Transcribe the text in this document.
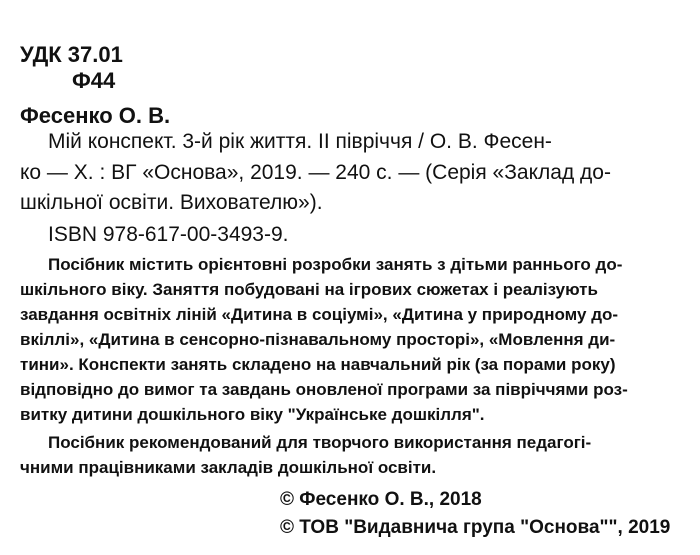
УДК 37.01
Ф44
Фесенко О. В.
Мій конспект. 3-й рік життя. ІІ півріччя / О. В. Фесен-
ко — Х. : ВГ «Основа», 2019. — 240 с. — (Серія «Заклад до-
шкільної освіти. Вихователю»).
ISBN 978-617-00-3493-9.
Посібник містить орієнтовні розробки занять з дітьми раннього до-
шкільного віку. Заняття побудовані на ігрових сюжетах і реалізують
завдання освітніх ліній «Дитина в соціумі», «Дитина у природному до-
вкіллі», «Дитина в сенсорно-пізнавальному просторі», «Мовлення ди-
тини». Конспекти занять складено на навчальний рік (за порами року)
відповідно до вимог та завдань оновленої програми за півріччями роз-
витку дитини дошкільного віку "Українське дошкілля".
Посібник рекомендований для творчого використання педагогі-
чними працівниками закладів дошкільної освіти.
© Фесенко О. В., 2018
© ТОВ "Видавнича група "Основа"", 2019
